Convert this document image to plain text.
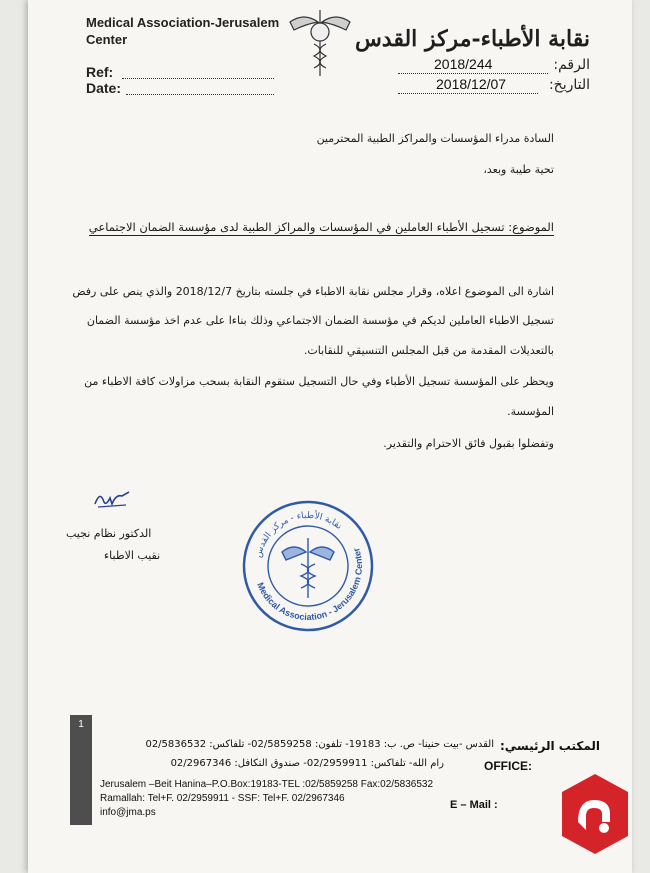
Medical Association-Jerusalem
Center	نقابة الأطباء-مركز القدس
Ref:
Date:
الرقم:
2018/244
التاريخ:
2018/12/07
السادة مدراء المؤسسات والمراكز الطبية المحترمين
تحية طيبة وبعد،
الموضوع: تسجيل الأطباء العاملين في المؤسسات والمراكز الطبية لدى مؤسسة الضمان الاجتماعي
اشارة الى الموضوع اعلاه، وقرار مجلس نقابة الاطباء في جلسته بتاريخ 2018/12/7 والذي ينص على رفض
تسجيل الاطباء العاملين لديكم في مؤسسة الضمان الاجتماعي وذلك بناءا على عدم اخذ مؤسسة الضمان
بالتعديلات المقدمة من قبل المجلس التنسيقي للنقابات.
ويحظر على المؤسسة تسجيل الأطباء وفي حال التسجيل ستقوم النقابة بسحب مزاولات كافة الاطباء من
المؤسسة.
وتفضلوا بقبول فائق الاحترام والتقدير.
الدكتور نظام نجيب
نقيب الاطباء	نقابة الأطباء - مركز القدس
Medical Association - Jerusalem Center
1
المكتب الرئيسي:
القدس -بيت حنينا- ص. ب: 19183- تلفون: 02/5859258- تلفاكس: 02/5836532
رام الله- تلفاكس: 02/2959911- صندوق التكافل: 02/2967346	OFFICE:
Jerusalem –Beit Hanina–P.O.Box:19183-TEL :02/5859258 Fax:02/5836532
Ramallah: Tel+F. 02/2959911 - SSF: Tel+F. 02/2967346
E – Mail :
info@jma.ps
